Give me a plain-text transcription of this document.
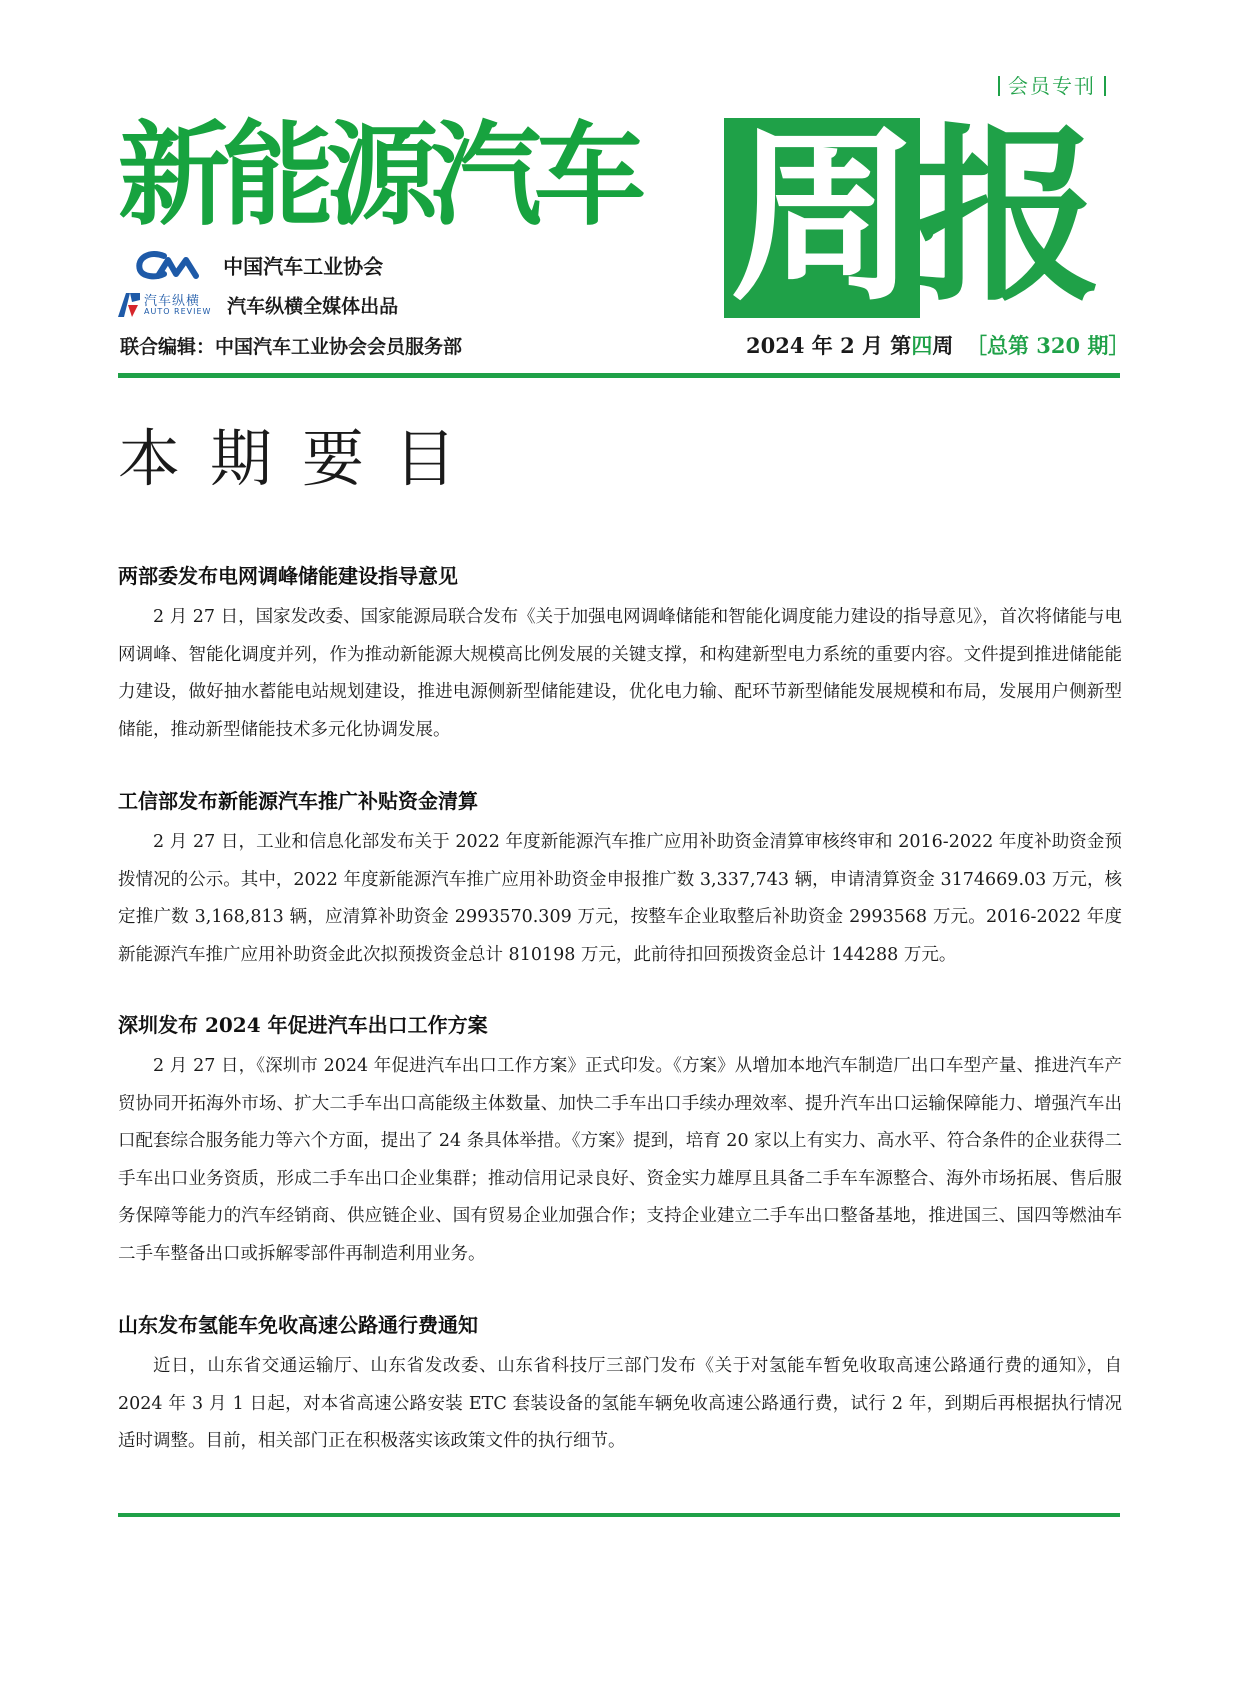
会员专刊
新能源汽车 周报
中国汽车工业协会
汽车纵横
AUTO REVIEW 汽车纵横全媒体出品
联合编辑：中国汽车工业协会会员服务部	2024 年 2 月 第四周 ［总第 320 期］
本期要目
两部委发布电网调峰储能建设指导意见

2 月 27 日，国家发改委、国家能源局联合发布《关于加强电网调峰储能和智能化调度能力建设的指导意见》，首次将储能与电网调峰、智能化调度并列，作为推动新能源大规模高比例发展的关键支撑，和构建新型电力系统的重要内容。文件提到推进储能能力建设，做好抽水蓄能电站规划建设，推进电源侧新型储能建设，优化电力输、配环节新型储能发展规模和布局，发展用户侧新型储能，推动新型储能技术多元化协调发展。

工信部发布新能源汽车推广补贴资金清算

2 月 27 日，工业和信息化部发布关于 2022 年度新能源汽车推广应用补助资金清算审核终审和 2016-2022 年度补助资金预拨情况的公示。其中，2022 年度新能源汽车推广应用补助资金申报推广数 3,337,743 辆，申请清算资金 3174669.03 万元，核定推广数 3,168,813 辆，应清算补助资金 2993570.309 万元，按整车企业取整后补助资金 2993568 万元。2016-2022 年度新能源汽车推广应用补助资金此次拟预拨资金总计 810198 万元，此前待扣回预拨资金总计 144288 万元。

深圳发布 2024 年促进汽车出口工作方案

2 月 27 日，《深圳市 2024 年促进汽车出口工作方案》正式印发。《方案》从增加本地汽车制造厂出口车型产量、推进汽车产贸协同开拓海外市场、扩大二手车出口高能级主体数量、加快二手车出口手续办理效率、提升汽车出口运输保障能力、增强汽车出口配套综合服务能力等六个方面，提出了 24 条具体举措。《方案》提到，培育 20 家以上有实力、高水平、符合条件的企业获得二手车出口业务资质，形成二手车出口企业集群；推动信用记录良好、资金实力雄厚且具备二手车车源整合、海外市场拓展、售后服务保障等能力的汽车经销商、供应链企业、国有贸易企业加强合作；支持企业建立二手车出口整备基地，推进国三、国四等燃油车二手车整备出口或拆解零部件再制造利用业务。

山东发布氢能车免收高速公路通行费通知

近日，山东省交通运输厅、山东省发改委、山东省科技厅三部门发布《关于对氢能车暂免收取高速公路通行费的通知》，自 2024 年 3 月 1 日起，对本省高速公路安装 ETC 套装设备的氢能车辆免收高速公路通行费，试行 2 年，到期后再根据执行情况适时调整。目前，相关部门正在积极落实该政策文件的执行细节。
